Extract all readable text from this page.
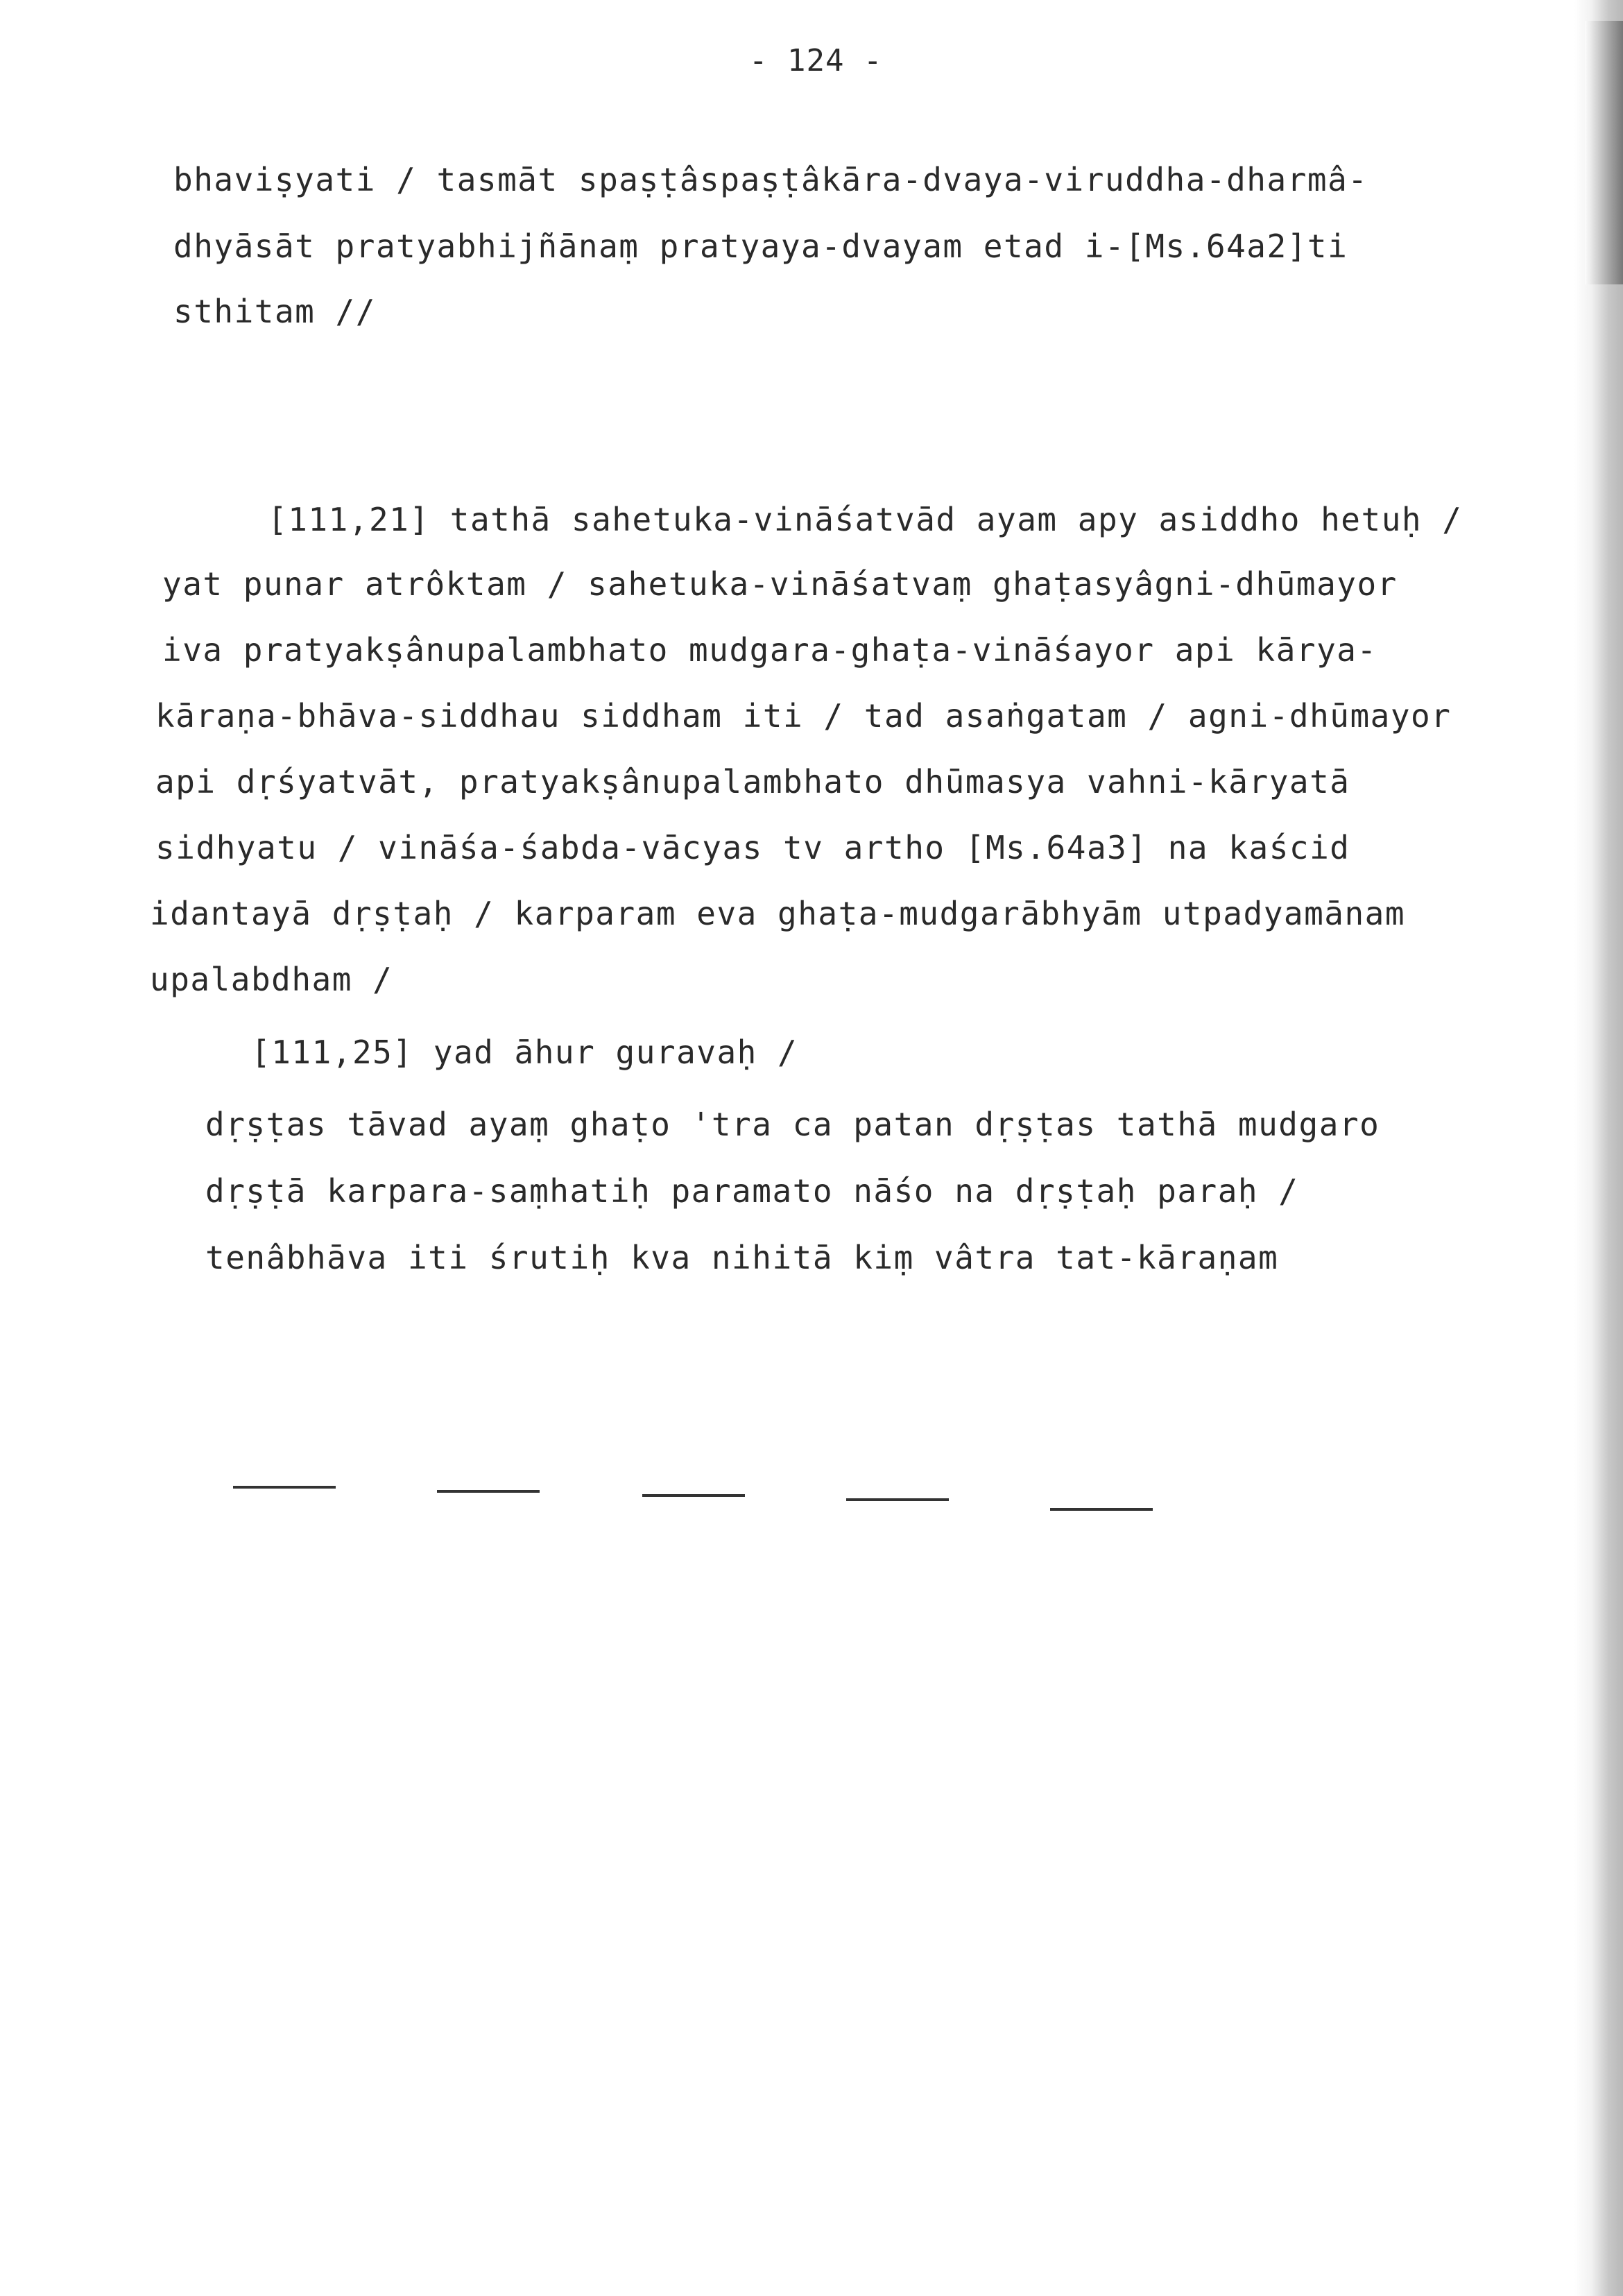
- 124 -
bhaviṣyati / tasmāt spaṣṭâspaṣṭâkāra-dvaya-viruddha-dharmâ-
dhyāsāt pratyabhijñānaṃ pratyaya-dvayam etad i-[Ms.64a2]ti
sthitam //
[111,21] tathā sahetuka-vināśatvād ayam apy asiddho hetuḥ /
yat punar atrôktam / sahetuka-vināśatvaṃ ghaṭasyâgni-dhūmayor
iva pratyakṣânupalambhato mudgara-ghaṭa-vināśayor api kārya-
kāraṇa-bhāva-siddhau siddham iti / tad asaṅgatam / agni-dhūmayor
api dṛśyatvāt, pratyakṣânupalambhato dhūmasya vahni-kāryatā
sidhyatu / vināśa-śabda-vācyas tv artho [Ms.64a3] na kaścid
idantayā dṛṣṭaḥ / karparam eva ghaṭa-mudgarābhyām utpadyamānam
upalabdham /
[111,25] yad āhur guravaḥ /
dṛṣṭas tāvad ayaṃ ghaṭo 'tra ca patan dṛṣṭas tathā mudgaro
dṛṣṭā karpara-saṃhatiḥ paramato nāśo na dṛṣṭaḥ paraḥ /
tenâbhāva iti śrutiḥ kva nihitā kiṃ vâtra tat-kāraṇam
